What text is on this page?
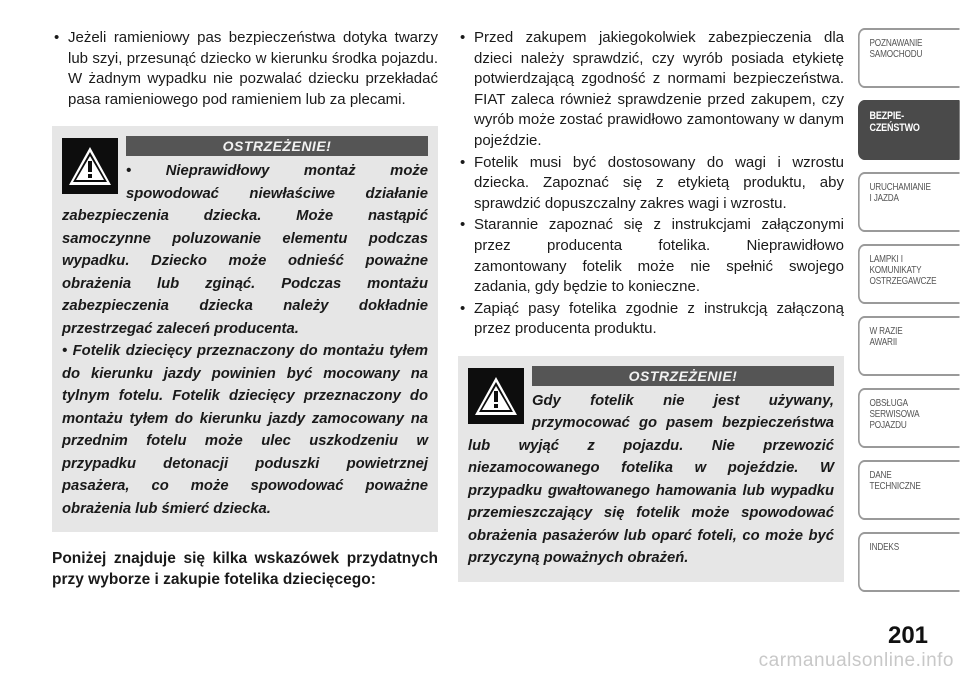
• Jeżeli ramieniowy pas bezpieczeństwa dotyka twarzy lub szyi, przesunąć dziecko w kierunku środka pojazdu. W żadnym wypadku nie pozwalać dziecku przekładać pasa ramieniowego pod ramieniem lub za plecami.
OSTRZEŻENIE!

• Nieprawidłowy montaż może spowodować niewłaściwe działanie zabezpieczenia dziecka. Może nastąpić samoczynne poluzowanie elementu podczas wypadku. Dziecko może odnieść poważne obrażenia lub zginąć. Podczas montażu zabezpieczenia dziecka należy dokładnie przestrzegać zaleceń producenta.

• Fotelik dziecięcy przeznaczony do montażu tyłem do kierunku jazdy powinien być mocowany na tylnym fotelu. Fotelik dziecięcy przeznaczony do montażu tyłem do kierunku jazdy zamocowany na przednim fotelu może ulec uszkodzeniu w przypadku detonacji poduszki powietrznej pasażera, co może spowodować poważne obrażenia lub śmierć dziecka.

Poniżej znajduje się kilka wskazówek przydatnych przy wyborze i zakupie fotelika dziecięcego:
• Przed zakupem jakiegokolwiek zabezpieczenia dla dzieci należy sprawdzić, czy wyrób posiada etykietę potwierdzającą zgodność z normami bezpieczeństwa. FIAT zaleca również sprawdzenie przed zakupem, czy wyrób może zostać prawidłowo zamontowany w danym pojeździe.
• Fotelik musi być dostosowany do wagi i wzrostu dziecka. Zapoznać się z etykietą produktu, aby sprawdzić dopuszczalny zakres wagi i wzrostu.
• Starannie zapoznać się z instrukcjami załączonymi przez producenta fotelika. Nieprawidłowo zamontowany fotelik może nie spełnić swojego zadania, gdy będzie to konieczne.
• Zapiąć pasy fotelika zgodnie z instrukcją załączoną przez producenta produktu.
OSTRZEŻENIE!

Gdy fotelik nie jest używany, przymocować go pasem bezpieczeństwa lub wyjąć z pojazdu. Nie przewozić niezamocowanego fotelika w pojeździe. W przypadku gwałtowanego hamowania lub wypadku przemieszczający się fotelik może spowodować obrażenia pasażerów lub oparć foteli, co może być przyczyną poważnych obrażeń.

POZNAWANIE
SAMOCHODU
BEZPIE-
CZEŃSTWO
URUCHAMIANIE
I JAZDA
LAMPKI I
KOMUNIKATY
OSTRZEGAWCZE
W RAZIE
AWARII
OBSŁUGA
SERWISOWA
POJAZDU
DANE
TECHNICZNE
INDEKS
201
carmanualsonline.info
